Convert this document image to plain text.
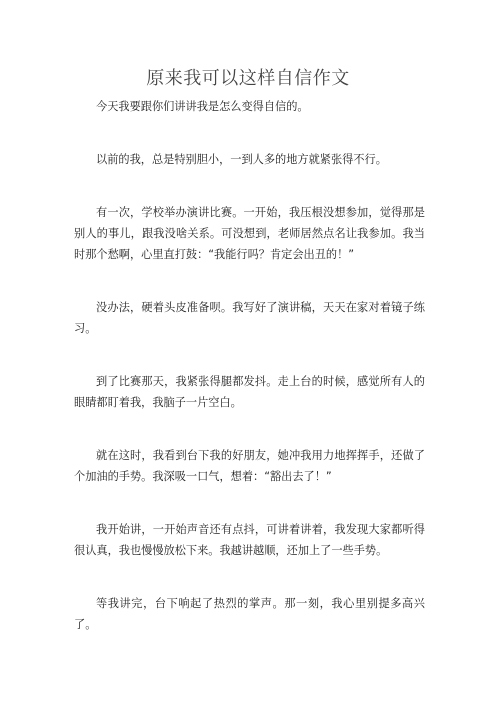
原来我可以这样自信作文

今天我要跟你们讲讲我是怎么变得自信的。

以前的我，总是特别胆小，一到人多的地方就紧张得不行。

有一次，学校举办演讲比赛。一开始，我压根没想参加，觉得那是别人的事儿，跟我没啥关系。可没想到，老师居然点名让我参加。我当时那个愁啊，心里直打鼓：“我能行吗？肯定会出丑的！”

没办法，硬着头皮准备呗。我写好了演讲稿，天天在家对着镜子练习。

到了比赛那天，我紧张得腿都发抖。走上台的时候，感觉所有人的眼睛都盯着我，我脑子一片空白。

就在这时，我看到台下我的好朋友，她冲我用力地挥挥手，还做了个加油的手势。我深吸一口气，想着：“豁出去了！”

我开始讲，一开始声音还有点抖，可讲着讲着，我发现大家都听得很认真，我也慢慢放松下来。我越讲越顺，还加上了一些手势。

等我讲完，台下响起了热烈的掌声。那一刻，我心里别提多高兴了。
